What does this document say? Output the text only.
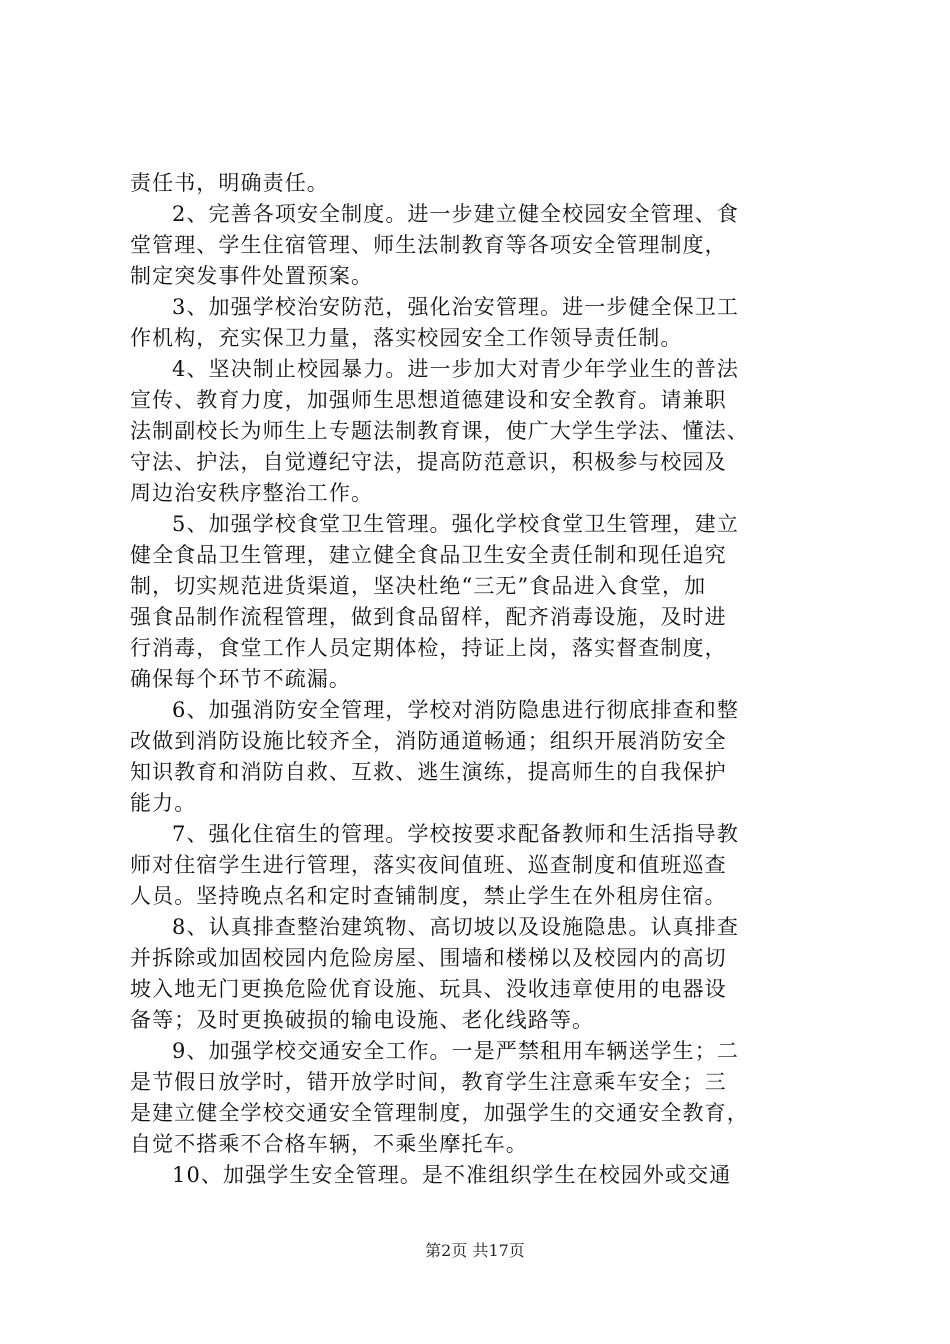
责任书，明确责任。
2、完善各项安全制度。进一步建立健全校园安全管理、食
堂管理、学生住宿管理、师生法制教育等各项安全管理制度，
制定突发事件处置预案。
3、加强学校治安防范，强化治安管理。进一步健全保卫工
作机构，充实保卫力量，落实校园安全工作领导责任制。
4、坚决制止校园暴力。进一步加大对青少年学业生的普法
宣传、教育力度，加强师生思想道德建设和安全教育。请兼职
法制副校长为师生上专题法制教育课，使广大学生学法、懂法、
守法、护法，自觉遵纪守法，提高防范意识，积极参与校园及
周边治安秩序整治工作。
5、加强学校食堂卫生管理。强化学校食堂卫生管理，建立
健全食品卫生管理，建立健全食品卫生安全责任制和现任追究
制，切实规范进货渠道，坚决杜绝“三无”食品进入食堂，加
强食品制作流程管理，做到食品留样，配齐消毒设施，及时进
行消毒，食堂工作人员定期体检，持证上岗，落实督查制度，
确保每个环节不疏漏。
6、加强消防安全管理，学校对消防隐患进行彻底排查和整
改做到消防设施比较齐全，消防通道畅通；组织开展消防安全
知识教育和消防自救、互救、逃生演练，提高师生的自我保护
能力。
7、强化住宿生的管理。学校按要求配备教师和生活指导教
师对住宿学生进行管理，落实夜间值班、巡查制度和值班巡查
人员。坚持晚点名和定时查铺制度，禁止学生在外租房住宿。
8、认真排查整治建筑物、高切坡以及设施隐患。认真排查
并拆除或加固校园内危险房屋、围墙和楼梯以及校园内的高切
坡入地无门更换危险优育设施、玩具、没收违章使用的电器设
备等；及时更换破损的输电设施、老化线路等。
9、加强学校交通安全工作。一是严禁租用车辆送学生；二
是节假日放学时，错开放学时间，教育学生注意乘车安全；三
是建立健全学校交通安全管理制度，加强学生的交通安全教育，
自觉不搭乘不合格车辆，不乘坐摩托车。
10、加强学生安全管理。是不准组织学生在校园外或交通
第2页 共17页
